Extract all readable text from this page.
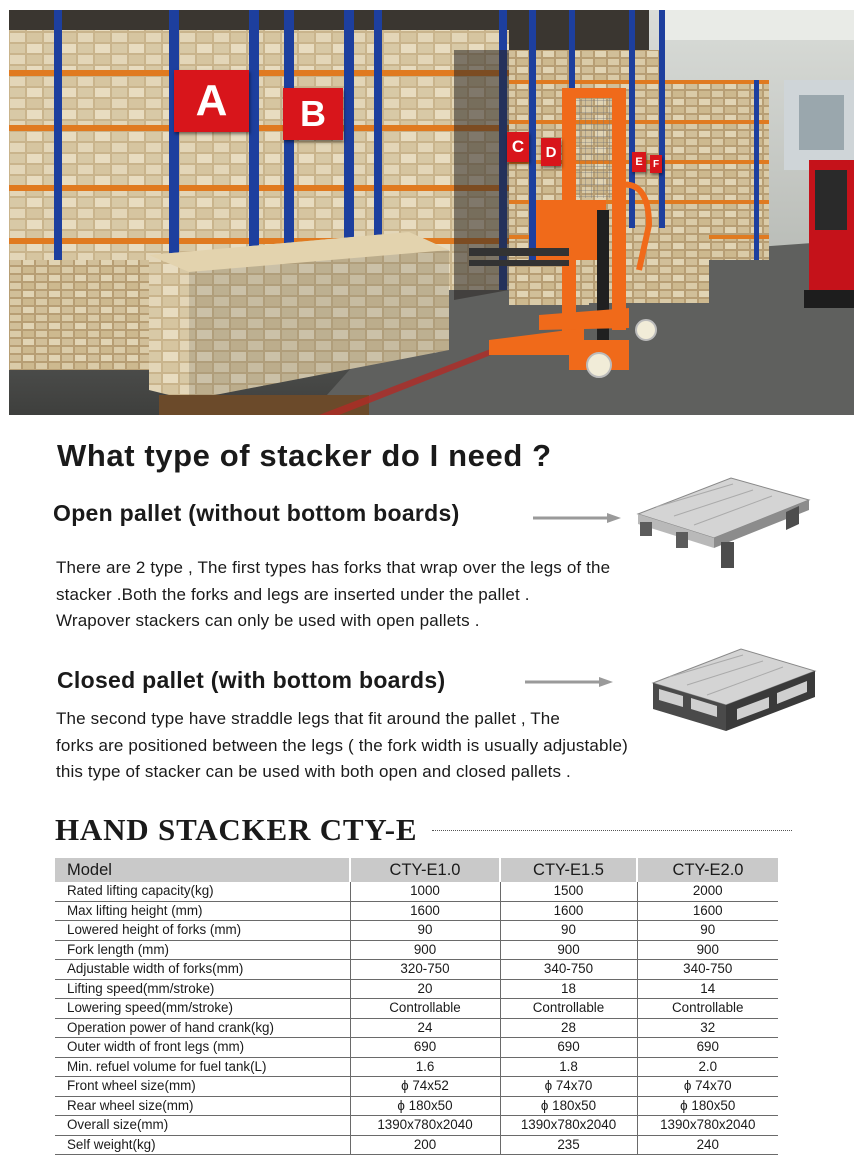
A	B
C	D
E	F
What type of stacker do I need ?
Open pallet (without bottom boards)

There are 2 type , The first types has forks that wrap over the legs of the
stacker .Both the forks and legs are inserted under the pallet .
Wrapover stackers can only be used with open pallets .

Closed pallet (with bottom boards)

The second type have straddle legs that fit around the pallet , The
forks are positioned between the legs ( the fork width is usually adjustable)
this type of stacker can be used with both open and closed pallets .

HAND STACKER CTY-E
Model	CTY-E1.0	CTY-E1.5	CTY-E2.0
Rated lifting capacity(kg)	1000	1500	2000
Max lifting height (mm)	1600	1600	1600
Lowered height of forks (mm)	90	90	90
Fork length (mm)	900	900	900
Adjustable width of forks(mm)	320-750	340-750	340-750
Lifting speed(mm/stroke)	20	18	14
Lowering speed(mm/stroke)	Controllable	Controllable	Controllable
Operation power of hand crank(kg)	24	28	32
Outer width of front legs (mm)	690	690	690
Min. refuel volume for fuel tank(L)	1.6	1.8	2.0
Front wheel size(mm)	ϕ 74x52	ϕ 74x70	ϕ 74x70
Rear wheel size(mm)	ϕ 180x50	ϕ 180x50	ϕ 180x50
Overall size(mm)	1390x780x2040	1390x780x2040	1390x780x2040
Self weight(kg)	200	235	240
